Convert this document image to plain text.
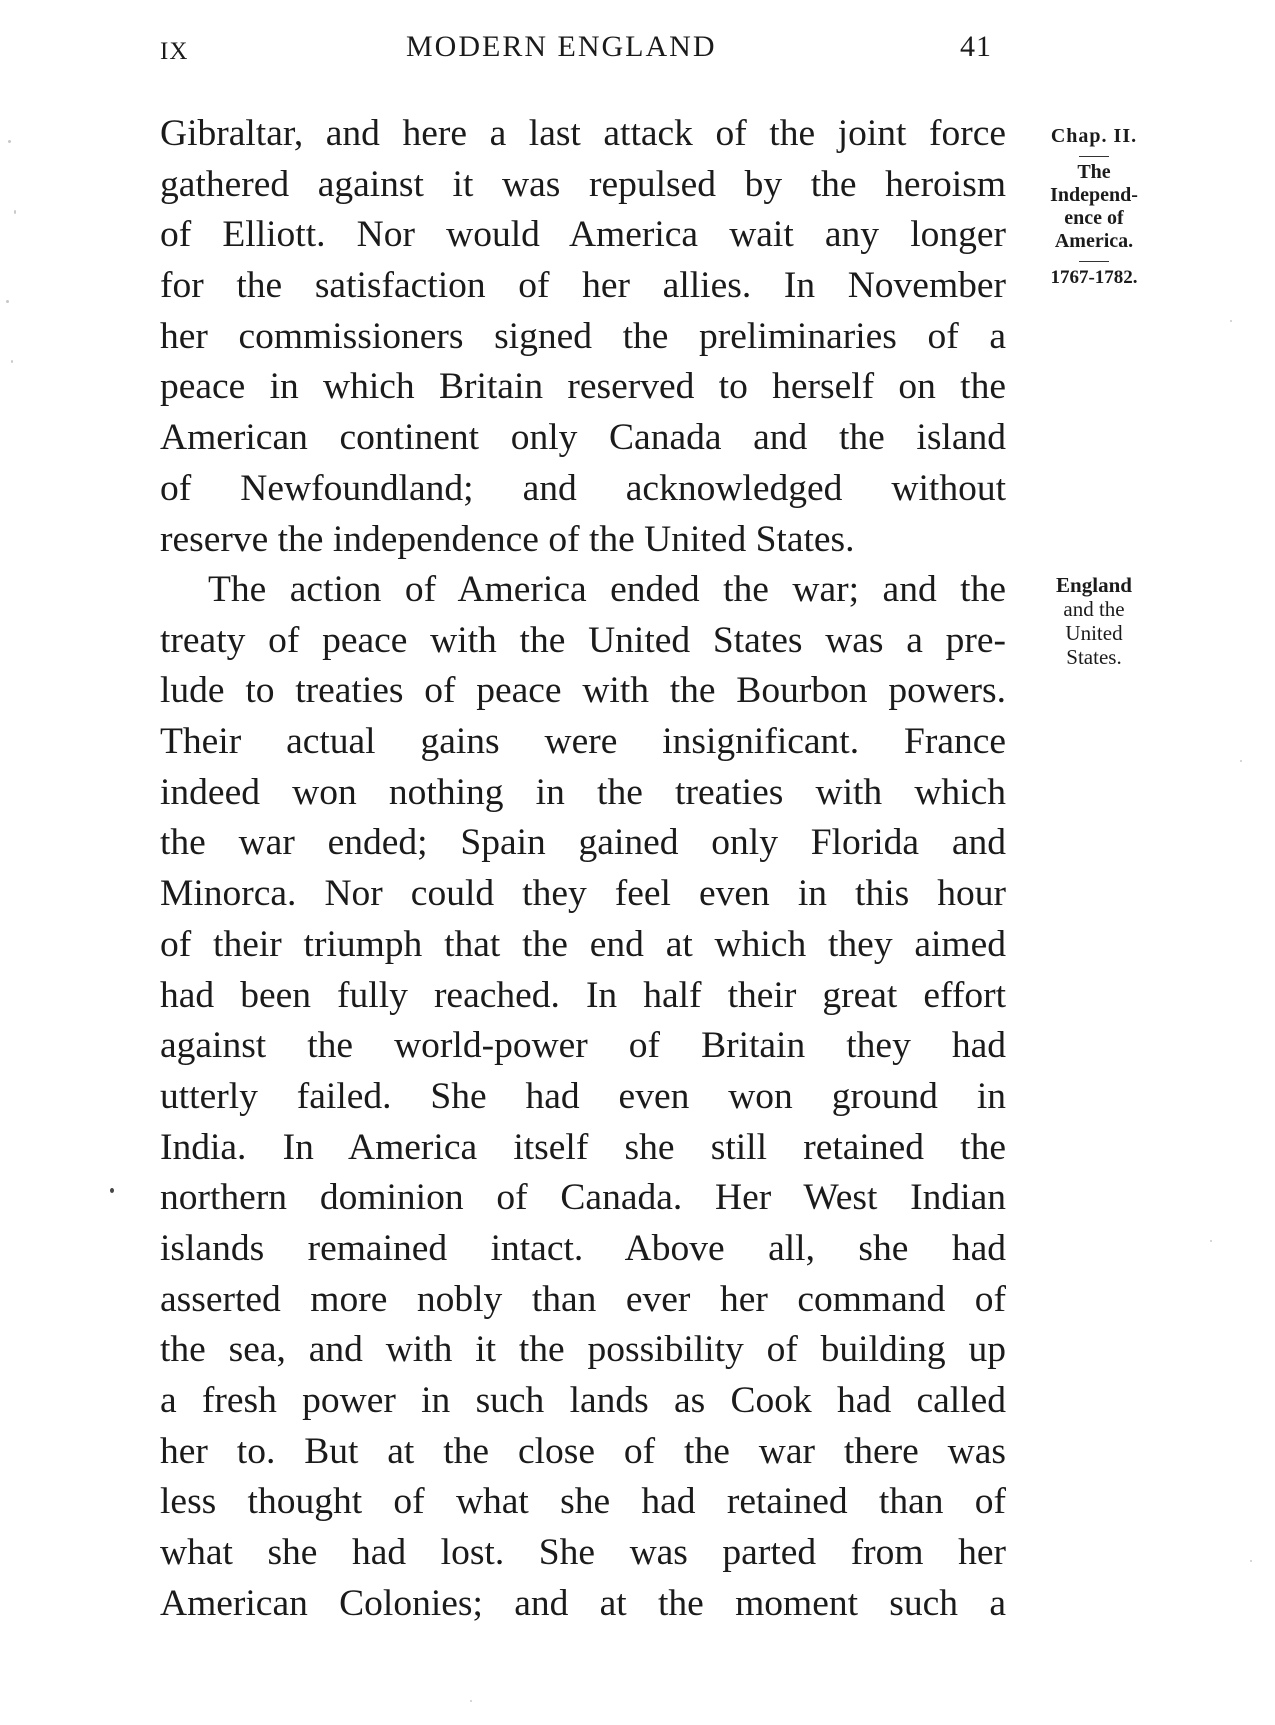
IX	MODERN ENGLAND	41
Gibraltar, and here a last attack of the joint force
gathered against it was repulsed by the heroism
of Elliott. Nor would America wait any longer
for the satisfaction of her allies. In November
her commissioners signed the preliminaries of a
peace in which Britain reserved to herself on the
American continent only Canada and the island
of Newfoundland; and acknowledged without
reserve the independence of the United States.
The action of America ended the war; and the
treaty of peace with the United States was a pre-
lude to treaties of peace with the Bourbon powers.
Their actual gains were insignificant. France
indeed won nothing in the treaties with which
the war ended; Spain gained only Florida and
Minorca. Nor could they feel even in this hour
of their triumph that the end at which they aimed
had been fully reached. In half their great effort
against the world-power of Britain they had
utterly failed. She had even won ground in
India. In America itself she still retained the
northern dominion of Canada. Her West Indian
islands remained intact. Above all, she had
asserted more nobly than ever her command of
the sea, and with it the possibility of building up
a fresh power in such lands as Cook had called
her to. But at the close of the war there was
less thought of what she had retained than of
what she had lost. She was parted from her
American Colonies; and at the moment such a
Chap. II.
The
Independ-
ence of
America.
1767-1782.
England
and the
United
States.
